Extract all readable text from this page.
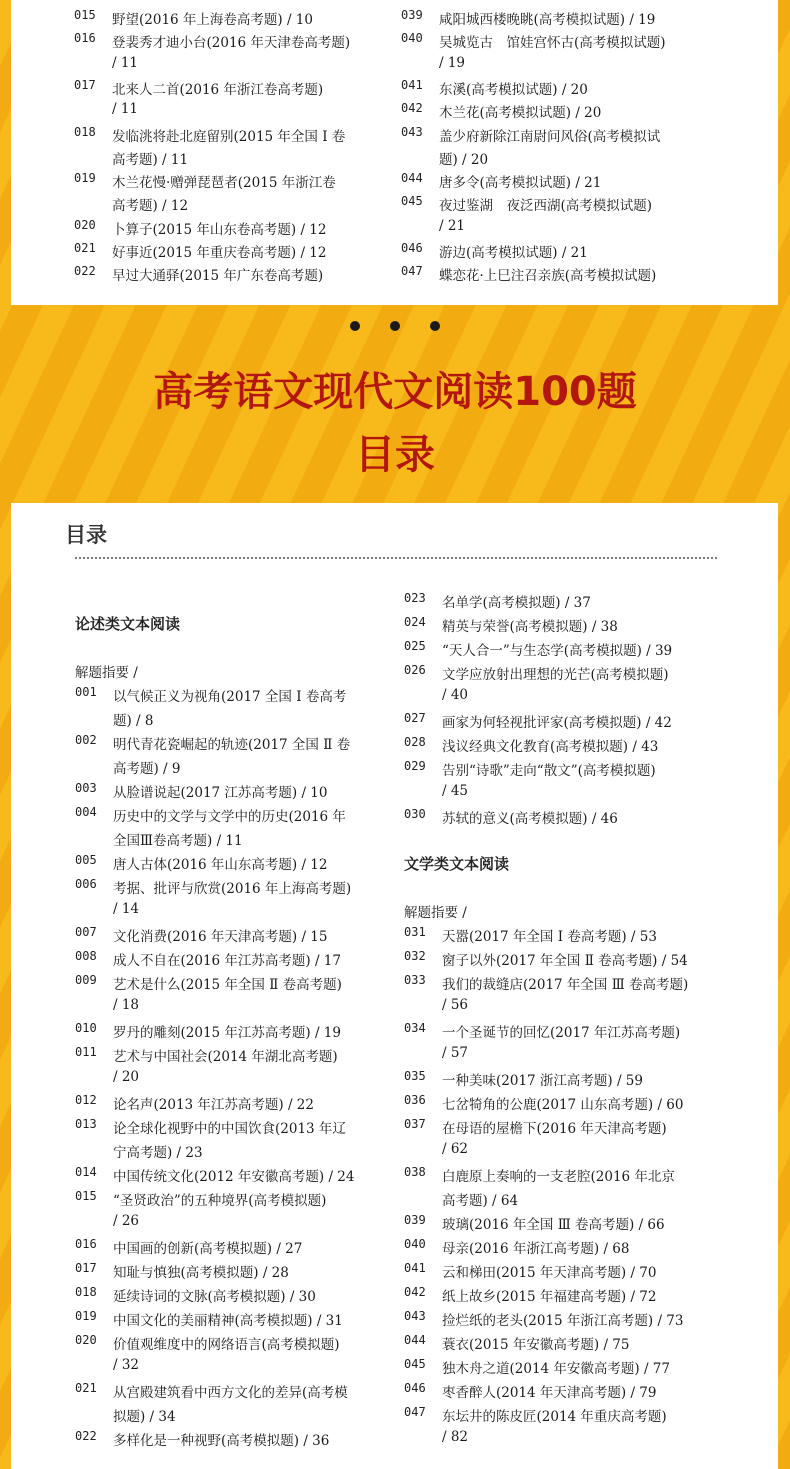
015	野望(2016 年上海卷高考题) / 10
016	登裴秀才迪小台(2016 年天津卷高考题)
/ 11
017	北来人二首(2016 年浙江卷高考题)
/ 11
018	发临洮将赴北庭留别(2015 年全国 Ⅰ 卷
高考题) / 11
019	木兰花慢·赠弹琵琶者(2015 年浙江卷
高考题) / 12
020	卜算子(2015 年山东卷高考题) / 12
021	好事近(2015 年重庆卷高考题) / 12
022	早过大通驿(2015 年广东卷高考题)
039	咸阳城西楼晚眺(高考模拟试题) / 19
040	吴城览古　馆娃宫怀古(高考模拟试题)
/ 19
041	东溪(高考模拟试题) / 20
042	木兰花(高考模拟试题) / 20
043	盖少府新除江南尉问风俗(高考模拟试
题) / 20
044	唐多令(高考模拟试题) / 21
045	夜过鉴湖　夜泛西湖(高考模拟试题)
/ 21
046	游边(高考模拟试题) / 21
047	蝶恋花·上巳注召亲族(高考模拟试题)
高考语文现代文阅读100题
目录
目录
论述类文本阅读
解题指要 /
001	以气候正义为视角(2017 全国 Ⅰ 卷高考
题) / 8
002	明代青花瓷崛起的轨迹(2017 全国 Ⅱ 卷
高考题) / 9
003	从脸谱说起(2017 江苏高考题) / 10
004	历史中的文学与文学中的历史(2016 年
全国Ⅲ卷高考题) / 11
005	唐人古体(2016 年山东高考题) / 12
006	考据、批评与欣赏(2016 年上海高考题)
/ 14
007	文化消费(2016 年天津高考题) / 15
008	成人不自在(2016 年江苏高考题) / 17
009	艺术是什么(2015 年全国 Ⅱ 卷高考题)
/ 18
010	罗丹的雕刻(2015 年江苏高考题) / 19
011	艺术与中国社会(2014 年湖北高考题)
/ 20
012	论名声(2013 年江苏高考题) / 22
013	论全球化视野中的中国饮食(2013 年辽
宁高考题) / 23
014	中国传统文化(2012 年安徽高考题) / 24
015	“圣贤政治”的五种境界(高考模拟题)
/ 26
016	中国画的创新(高考模拟题) / 27
017	知耻与慎独(高考模拟题) / 28
018	延续诗词的文脉(高考模拟题) / 30
019	中国文化的美丽精神(高考模拟题) / 31
020	价值观维度中的网络语言(高考模拟题)
/ 32
021	从宫殿建筑看中西方文化的差异(高考模
拟题) / 34
022	多样化是一种视野(高考模拟题) / 36
023	名单学(高考模拟题) / 37
024	精英与荣誉(高考模拟题) / 38
025	“天人合一”与生态学(高考模拟题) / 39
026	文学应放射出理想的光芒(高考模拟题)
/ 40
027	画家为何轻视批评家(高考模拟题) / 42
028	浅议经典文化教育(高考模拟题) / 43
029	告别“诗歌”走向“散文”(高考模拟题)
/ 45
030	苏轼的意义(高考模拟题) / 46
文学类文本阅读
解题指要 /
031	天嚣(2017 年全国 Ⅰ 卷高考题) / 53
032	窗子以外(2017 年全国 Ⅱ 卷高考题) / 54
033	我们的裁缝店(2017 年全国 Ⅲ 卷高考题)
/ 56
034	一个圣诞节的回忆(2017 年江苏高考题)
/ 57
035	一种美味(2017 浙江高考题) / 59
036	七岔犄角的公鹿(2017 山东高考题) / 60
037	在母语的屋檐下(2016 年天津高考题)
/ 62
038	白鹿原上奏响的一支老腔(2016 年北京
高考题) / 64
039	玻璃(2016 年全国 Ⅲ 卷高考题) / 66
040	母亲(2016 年浙江高考题) / 68
041	云和梯田(2015 年天津高考题) / 70
042	纸上故乡(2015 年福建高考题) / 72
043	捡烂纸的老头(2015 年浙江高考题) / 73
044	蓑衣(2015 年安徽高考题) / 75
045	独木舟之道(2014 年安徽高考题) / 77
046	枣香醉人(2014 年天津高考题) / 79
047	东坛井的陈皮匠(2014 年重庆高考题)
/ 82
